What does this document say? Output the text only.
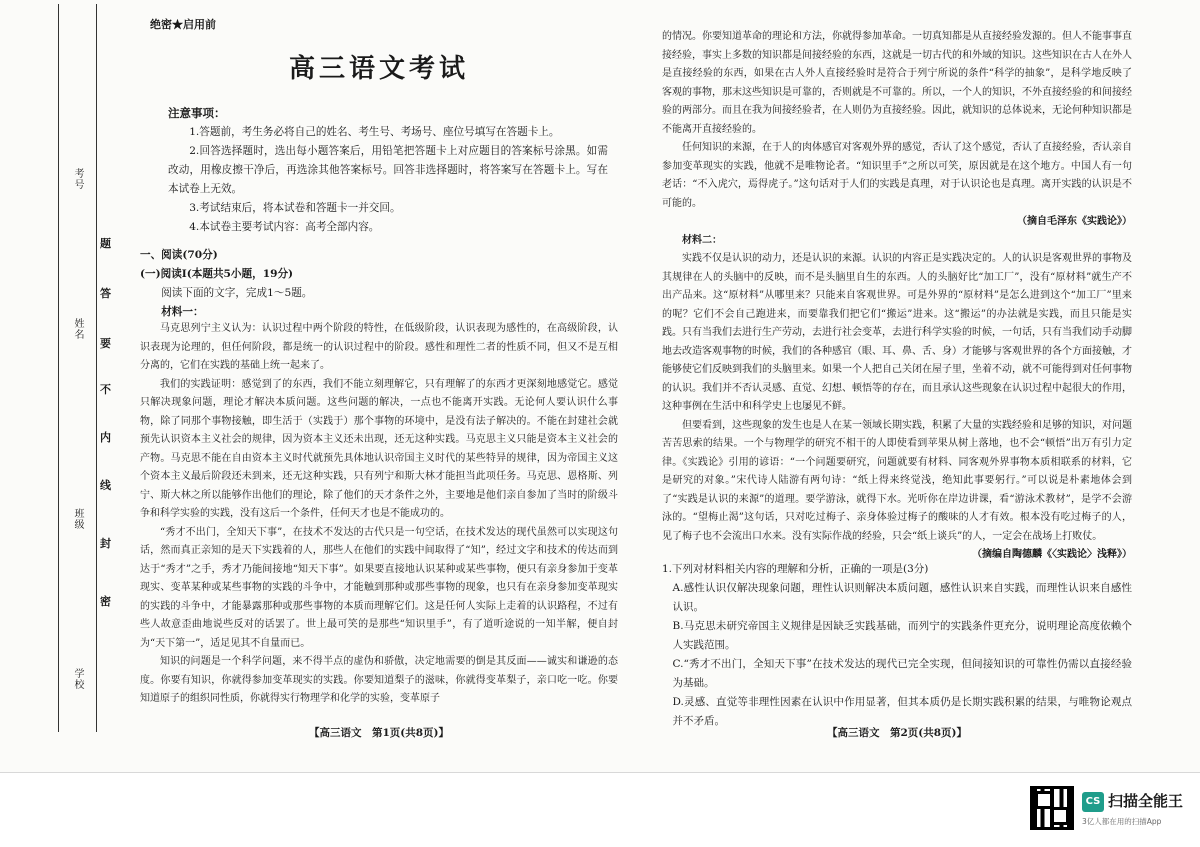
考号
姓名
班级
学校
题
答
要
不
内
线
封
密
绝密★启用前
高三语文考试

注意事项：

1.答题前，考生务必将自己的姓名、考生号、考场号、座位号填写在答题卡上。

2.回答选择题时，选出每小题答案后，用铅笔把答题卡上对应题目的答案标号涂黑。如需改动，用橡皮擦干净后，再选涂其他答案标号。回答非选择题时，将答案写在答题卡上。写在本试卷上无效。

3.考试结束后，将本试卷和答题卡一并交回。

4.本试卷主要考试内容：高考全部内容。

一、阅读(70分)

(一)阅读Ⅰ(本题共5小题，19分)

阅读下面的文字，完成1～5题。

材料一：

马克思列宁主义认为：认识过程中两个阶段的特性，在低级阶段，认识表现为感性的，在高级阶段，认识表现为论理的，但任何阶段，都是统一的认识过程中的阶段。感性和理性二者的性质不同，但又不是互相分离的，它们在实践的基础上统一起来了。

我们的实践证明：感觉到了的东西，我们不能立刻理解它，只有理解了的东西才更深刻地感觉它。感觉只解决现象问题，理论才解决本质问题。这些问题的解决，一点也不能离开实践。无论何人要认识什么事物，除了同那个事物接触，即生活于（实践于）那个事物的环境中，是没有法子解决的。不能在封建社会就预先认识资本主义社会的规律，因为资本主义还未出现，还无这种实践。马克思主义只能是资本主义社会的产物。马克思不能在自由资本主义时代就预先具体地认识帝国主义时代的某些特异的规律，因为帝国主义这个资本主义最后阶段还未到来，还无这种实践，只有列宁和斯大林才能担当此项任务。马克思、恩格斯、列宁、斯大林之所以能够作出他们的理论，除了他们的天才条件之外，主要地是他们亲自参加了当时的阶级斗争和科学实验的实践，没有这后一个条件，任何天才也是不能成功的。

“秀才不出门，全知天下事”，在技术不发达的古代只是一句空话，在技术发达的现代虽然可以实现这句话，然而真正亲知的是天下实践着的人，那些人在他们的实践中间取得了“知”，经过文字和技术的传达而到达于“秀才”之手，秀才乃能间接地“知天下事”。如果要直接地认识某种或某些事物，便只有亲身参加于变革现实、变革某种或某些事物的实践的斗争中，才能触到那种或那些事物的现象，也只有在亲身参加变革现实的实践的斗争中，才能暴露那种或那些事物的本质而理解它们。这是任何人实际上走着的认识路程，不过有些人故意歪曲地说些反对的话罢了。世上最可笑的是那些“知识里手”，有了道听途说的一知半解，便自封为“天下第一”，适足见其不自量而已。

知识的问题是一个科学问题，来不得半点的虚伪和骄傲，决定地需要的倒是其反面——诚实和谦逊的态度。你要有知识，你就得参加变革现实的实践。你要知道梨子的滋味，你就得变革梨子，亲口吃一吃。你要知道原子的组织同性质，你就得实行物理学和化学的实验，变革原子

【高三语文　第1页(共8页)】

的情况。你要知道革命的理论和方法，你就得参加革命。一切真知都是从直接经验发源的。但人不能事事直接经验，事实上多数的知识都是间接经验的东西，这就是一切古代的和外域的知识。这些知识在古人在外人是直接经验的东西，如果在古人外人直接经验时是符合于列宁所说的条件“科学的抽象”，是科学地反映了客观的事物，那末这些知识是可靠的，否则就是不可靠的。所以，一个人的知识，不外直接经验的和间接经验的两部分。而且在我为间接经验者，在人则仍为直接经验。因此，就知识的总体说来，无论何种知识都是不能离开直接经验的。

任何知识的来源，在于人的肉体感官对客观外界的感觉，否认了这个感觉，否认了直接经验，否认亲自参加变革现实的实践，他就不是唯物论者。“知识里手”之所以可笑，原因就是在这个地方。中国人有一句老话：“不入虎穴，焉得虎子。”这句话对于人们的实践是真理，对于认识论也是真理。离开实践的认识是不可能的。

（摘自毛泽东《实践论》）

材料二：

实践不仅是认识的动力，还是认识的来源。认识的内容正是实践决定的。人的认识是客观世界的事物及其规律在人的头脑中的反映，而不是头脑里自生的东西。人的头脑好比“加工厂”，没有“原材料”就生产不出产品来。这“原材料”从哪里来？只能来自客观世界。可是外界的“原材料”是怎么进到这个“加工厂”里来的呢？它们不会自己跑进来，而要靠我们把它们“搬运”进来。这“搬运”的办法就是实践，而且只能是实践。只有当我们去进行生产劳动，去进行社会变革，去进行科学实验的时候，一句话，只有当我们动手动脚地去改造客观事物的时候，我们的各种感官（眼、耳、鼻、舌、身）才能够与客观世界的各个方面接触，才能够使它们反映到我们的头脑里来。如果一个人把自己关闭在屋子里，坐着不动，就不可能得到对任何事物的认识。我们并不否认灵感、直觉、幻想、顿悟等的存在，而且承认这些现象在认识过程中起很大的作用，这种事例在生活中和科学史上也屡见不鲜。

但要看到，这些现象的发生也是人在某一领域长期实践，积累了大量的实践经验和足够的知识，对问题苦苦思索的结果。一个与物理学的研究不相干的人即使看到苹果从树上落地，也不会“顿悟”出万有引力定律。《实践论》引用的谚语：“一个问题要研究，问题就要有材料、同客观外界事物本质相联系的材料，它是研究的对象。”宋代诗人陆游有两句诗：“纸上得来终觉浅，绝知此事要躬行。”可以说是朴素地体会到了“实践是认识的来源”的道理。要学游泳，就得下水。光听你在岸边讲课，看“游泳术教材”，是学不会游泳的。“望梅止渴”这句话，只对吃过梅子、亲身体验过梅子的酸味的人才有效。根本没有吃过梅子的人，见了梅子也不会流出口水来。没有实际作战的经验，只会“纸上谈兵”的人，一定会在战场上打败仗。

（摘编自陶德麟《〈实践论〉浅释》）

1.下列对材料相关内容的理解和分析，正确的一项是(3分)

A.感性认识仅解决现象问题，理性认识则解决本质问题，感性认识来自实践，而理性认识来自感性认识。

B.马克思未研究帝国主义规律是因缺乏实践基础，而列宁的实践条件更充分，说明理论高度依赖个人实践范围。

C.“秀才不出门，全知天下事”在技术发达的现代已完全实现，但间接知识的可靠性仍需以直接经验为基础。

D.灵感、直觉等非理性因素在认识中作用显著，但其本质仍是长期实践积累的结果，与唯物论观点并不矛盾。

【高三语文　第2页(共8页)】
CS 扫描全能王
3亿人都在用的扫描App
